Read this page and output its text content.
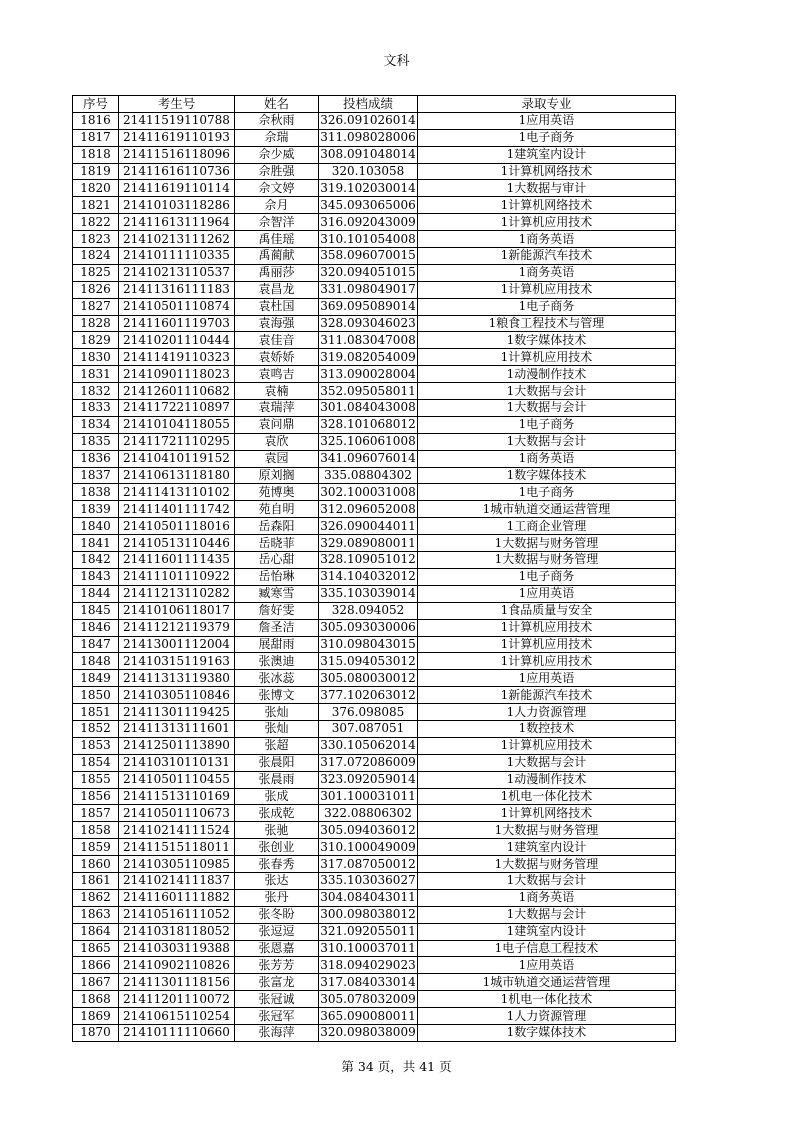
文科
序号	考生号	姓名	投档成绩	录取专业
1816	21411519110788	佘秋雨	326.091026014	1应用英语
1817	21411619110193	佘瑞	311.098028006	1电子商务
1818	21411516118096	佘少威	308.091048014	1建筑室内设计
1819	21411616110736	佘胜强	320.103058	1计算机网络技术
1820	21411619110114	佘文婷	319.102030014	1大数据与审计
1821	21410103118286	佘月	345.093065006	1计算机网络技术
1822	21411613111964	佘智洋	316.092043009	1计算机应用技术
1823	21410213111262	禹佳瑶	310.101054008	1商务英语
1824	21410111110335	禹蔺献	358.096070015	1新能源汽车技术
1825	21410213110537	禹丽莎	320.094051015	1商务英语
1826	21411316111183	袁昌龙	331.098049017	1计算机应用技术
1827	21410501110874	袁杜国	369.095089014	1电子商务
1828	21411601119703	袁海强	328.093046023	1粮食工程技术与管理
1829	21410201110444	袁佳音	311.083047008	1数字媒体技术
1830	21411419110323	袁娇娇	319.082054009	1计算机应用技术
1831	21410901118023	袁鸣吉	313.090028004	1动漫制作技术
1832	21412601110682	袁楠	352.095058011	1大数据与会计
1833	21411722110897	袁瑞萍	301.084043008	1大数据与会计
1834	21410104118055	袁问鼎	328.101068012	1电子商务
1835	21411721110295	袁欣	325.106061008	1大数据与会计
1836	21410410119152	袁园	341.096076014	1商务英语
1837	21410613118180	原刘搁	335.08804302	1数字媒体技术
1838	21411413110102	苑博奥	302.100031008	1电子商务
1839	21411401111742	苑自明	312.096052008	1城市轨道交通运营管理
1840	21410501118016	岳森阳	326.090044011	1工商企业管理
1841	21410513110446	岳晓菲	329.089080011	1大数据与财务管理
1842	21411601111435	岳心甜	328.109051012	1大数据与财务管理
1843	21411101110922	岳怡琳	314.104032012	1电子商务
1844	21411213110282	臧寒雪	335.103039014	1应用英语
1845	21410106118017	詹好雯	328.094052	1食品质量与安全
1846	21411212119379	詹圣洁	305.093030006	1计算机应用技术
1847	21413001112004	展甜雨	310.098043015	1计算机应用技术
1848	21410315119163	张澳迪	315.094053012	1计算机应用技术
1849	21411313119380	张冰蕊	305.080030012	1应用英语
1850	21410305110846	张博文	377.102063012	1新能源汽车技术
1851	21411301119425	张灿	376.098085	1人力资源管理
1852	21411313111601	张灿	307.087051	1数控技术
1853	21412501113890	张超	330.105062014	1计算机应用技术
1854	21410310110131	张晨阳	317.072086009	1大数据与会计
1855	21410501110455	张晨雨	323.092059014	1动漫制作技术
1856	21411513110169	张成	301.100031011	1机电一体化技术
1857	21410501110673	张成乾	322.08806302	1计算机网络技术
1858	21410214111524	张驰	305.094036012	1大数据与财务管理
1859	21411515118011	张创业	310.100049009	1建筑室内设计
1860	21410305110985	张春秀	317.087050012	1大数据与财务管理
1861	21410214111837	张达	335.103036027	1大数据与会计
1862	21411601111882	张丹	304.084043011	1商务英语
1863	21410516111052	张冬盼	300.098038012	1大数据与会计
1864	21410318118052	张逗逗	321.092055011	1建筑室内设计
1865	21410303119388	张恩嘉	310.100037011	1电子信息工程技术
1866	21410902110826	张芳芳	318.094029023	1应用英语
1867	21411301118156	张富龙	317.084033014	1城市轨道交通运营管理
1868	21411201110072	张冠诚	305.078032009	1机电一体化技术
1869	21410615110254	张冠军	365.090080011	1人力资源管理
1870	21410111110660	张海萍	320.098038009	1数字媒体技术
第 34 页，共 41 页
